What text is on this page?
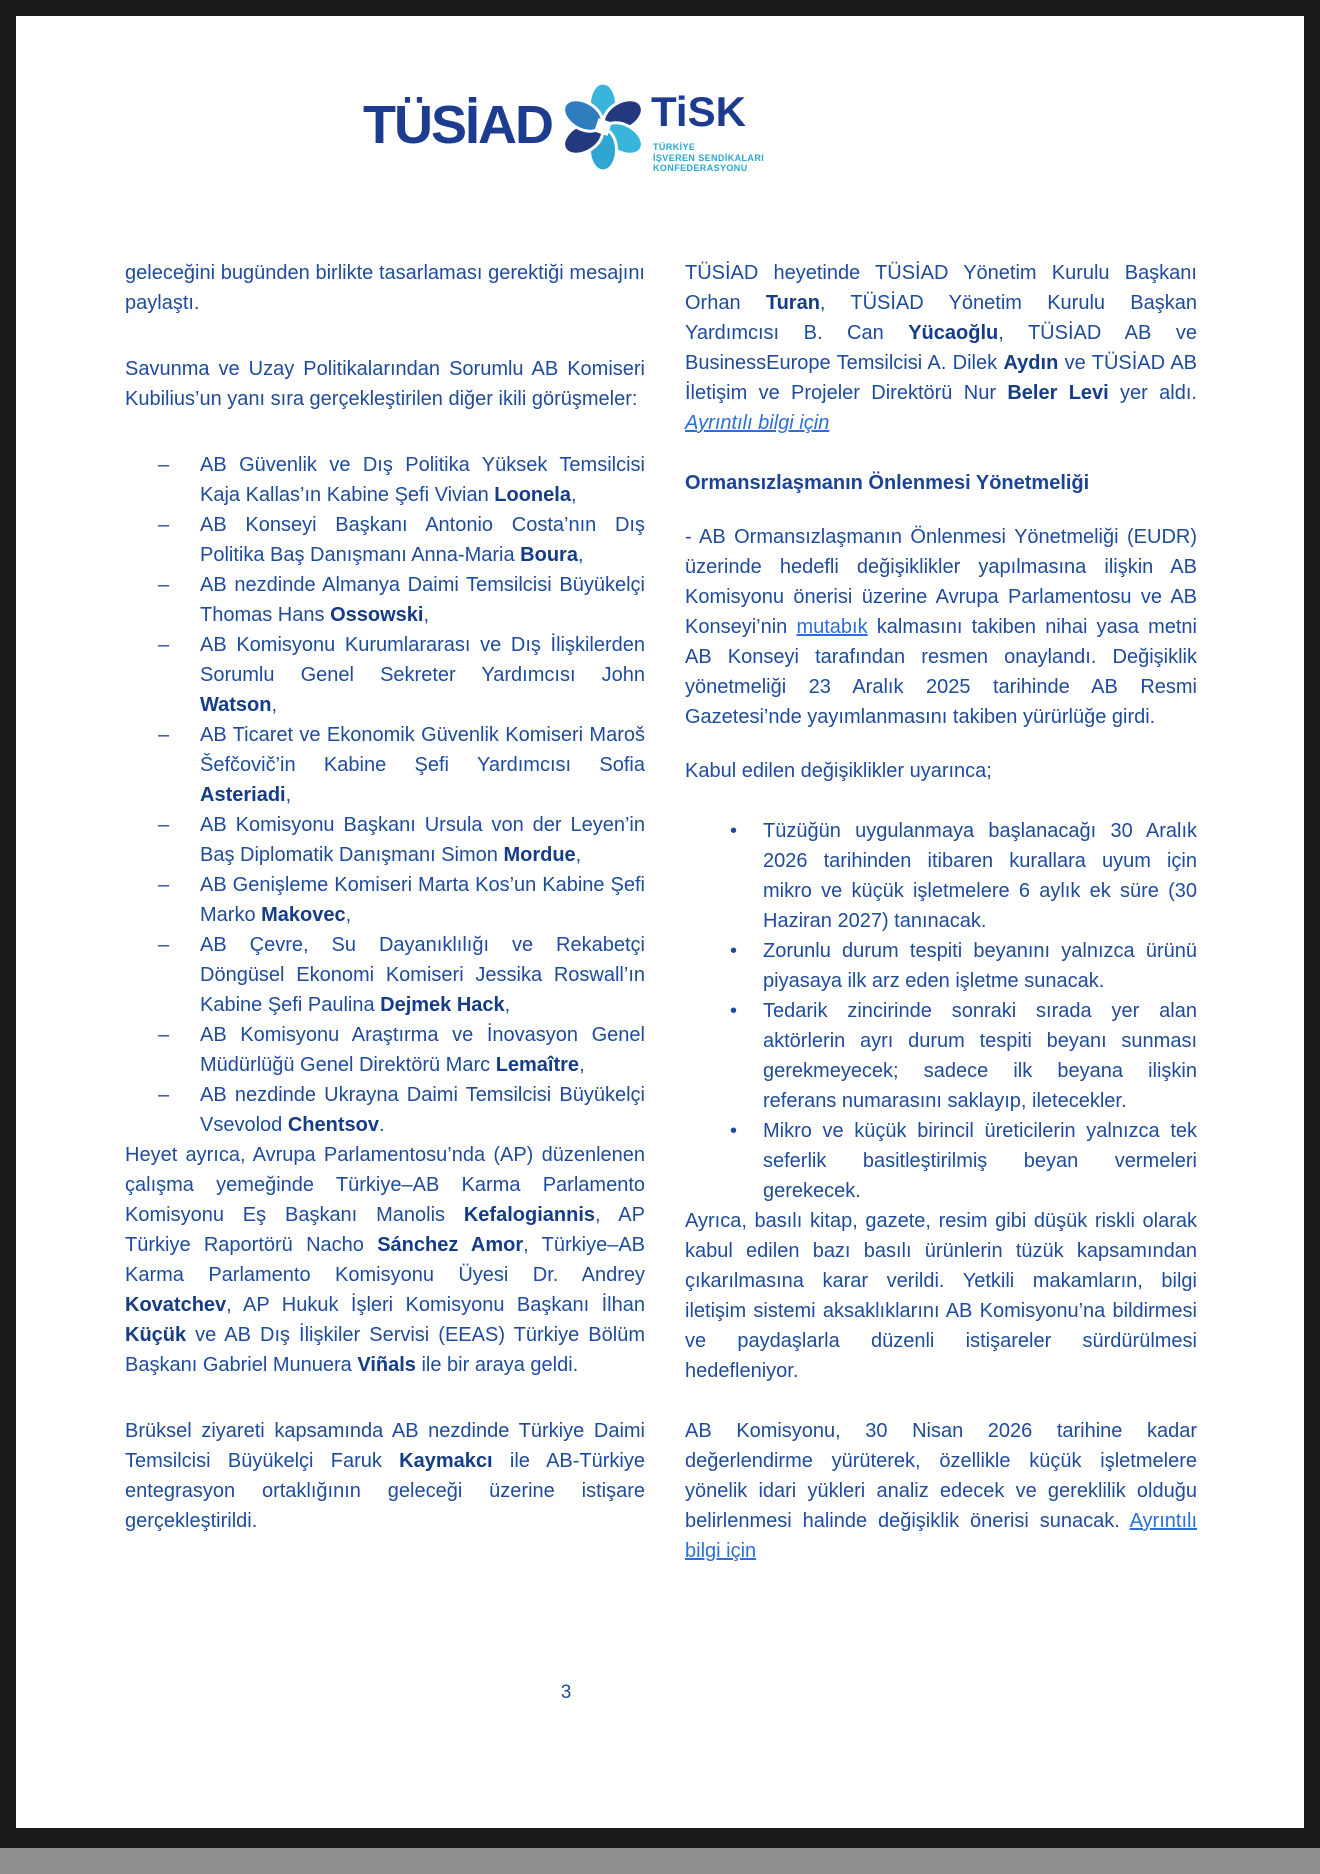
TÜSİAD TiSK
TÜRKİYE
İŞVEREN SENDİKALARI
KONFEDERASYONU

geleceğini bugünden birlikte tasarlaması gerektiği mesajını paylaştı.

Savunma ve Uzay Politikalarından Sorumlu AB Komiseri Kubilius’un yanı sıra gerçekleştirilen diğer ikili görüşmeler:

– AB Güvenlik ve Dış Politika Yüksek Temsilcisi Kaja Kallas’ın Kabine Şefi Vivian Loonela,
– AB Konseyi Başkanı Antonio Costa’nın Dış Politika Baş Danışmanı Anna-Maria Boura,
– AB nezdinde Almanya Daimi Temsilcisi Büyükelçi Thomas Hans Ossowski,
– AB Komisyonu Kurumlararası ve Dış İlişkilerden Sorumlu Genel Sekreter Yardımcısı John Watson,
– AB Ticaret ve Ekonomik Güvenlik Komiseri Maroš Šefčovič’in Kabine Şefi Yardımcısı Sofia Asteriadi,
– AB Komisyonu Başkanı Ursula von der Leyen’in Baş Diplomatik Danışmanı Simon Mordue,
– AB Genişleme Komiseri Marta Kos’un Kabine Şefi Marko Makovec,
– AB Çevre, Su Dayanıklılığı ve Rekabetçi Döngüsel Ekonomi Komiseri Jessika Roswall’ın Kabine Şefi Paulina Dejmek Hack,
– AB Komisyonu Araştırma ve İnovasyon Genel Müdürlüğü Genel Direktörü Marc Lemaître,
– AB nezdinde Ukrayna Daimi Temsilcisi Büyükelçi Vsevolod Chentsov.

Heyet ayrıca, Avrupa Parlamentosu’nda (AP) düzenlenen çalışma yemeğinde Türkiye–AB Karma Parlamento Komisyonu Eş Başkanı Manolis Kefalogiannis, AP Türkiye Raportörü Nacho Sánchez Amor, Türkiye–AB Karma Parlamento Komisyonu Üyesi Dr. Andrey Kovatchev, AP Hukuk İşleri Komisyonu Başkanı İlhan Küçük ve AB Dış İlişkiler Servisi (EEAS) Türkiye Bölüm Başkanı Gabriel Munuera Viñals ile bir araya geldi.

Brüksel ziyareti kapsamında AB nezdinde Türkiye Daimi Temsilcisi Büyükelçi Faruk Kaymakcı ile AB-Türkiye entegrasyon ortaklığının geleceği üzerine istişare gerçekleştirildi.

TÜSİAD heyetinde TÜSİAD Yönetim Kurulu Başkanı Orhan Turan, TÜSİAD Yönetim Kurulu Başkan Yardımcısı B. Can Yücaoğlu, TÜSİAD AB ve BusinessEurope Temsilcisi A. Dilek Aydın ve TÜSİAD AB İletişim ve Projeler Direktörü Nur Beler Levi yer aldı. Ayrıntılı bilgi için

Ormansızlaşmanın Önlenmesi Yönetmeliği

- AB Ormansızlaşmanın Önlenmesi Yönetmeliği (EUDR) üzerinde hedefli değişiklikler yapılmasına ilişkin AB Komisyonu önerisi üzerine Avrupa Parlamentosu ve AB Konseyi’nin mutabık kalmasını takiben nihai yasa metni AB Konseyi tarafından resmen onaylandı. Değişiklik yönetmeliği 23 Aralık 2025 tarihinde AB Resmi Gazetesi’nde yayımlanmasını takiben yürürlüğe girdi.

Kabul edilen değişiklikler uyarınca;

• Tüzüğün uygulanmaya başlanacağı 30 Aralık 2026 tarihinden itibaren kurallara uyum için mikro ve küçük işletmelere 6 aylık ek süre (30 Haziran 2027) tanınacak.
• Zorunlu durum tespiti beyanını yalnızca ürünü piyasaya ilk arz eden işletme sunacak.
• Tedarik zincirinde sonraki sırada yer alan aktörlerin ayrı durum tespiti beyanı sunması gerekmeyecek; sadece ilk beyana ilişkin referans numarasını saklayıp, iletecekler.
• Mikro ve küçük birincil üreticilerin yalnızca tek seferlik basitleştirilmiş beyan vermeleri gerekecek.

Ayrıca, basılı kitap, gazete, resim gibi düşük riskli olarak kabul edilen bazı basılı ürünlerin tüzük kapsamından çıkarılmasına karar verildi. Yetkili makamların, bilgi iletişim sistemi aksaklıklarını AB Komisyonu’na bildirmesi ve paydaşlarla düzenli istişareler sürdürülmesi hedefleniyor.

AB Komisyonu, 30 Nisan 2026 tarihine kadar değerlendirme yürüterek, özellikle küçük işletmelere yönelik idari yükleri analiz edecek ve gereklilik olduğu belirlenmesi halinde değişiklik önerisi sunacak. Ayrıntılı bilgi için

3
